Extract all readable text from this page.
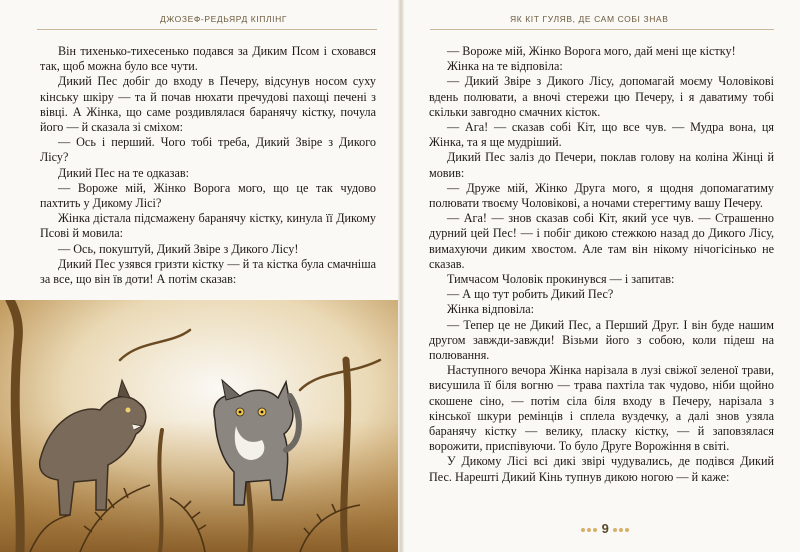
ДЖОЗЕФ-РЕДЬЯРД КІПЛІНГ

Він тихенько-тихесенько подався за Диким Псом і сховався так, щоб можна було все чути.

Дикий Пес добіг до входу в Печеру, відсунув носом суху кінську шкіру — та й почав нюхати пречудові пахощі печені з вівці. А Жінка, що саме роздивлялася баранячу кістку, почула його — й сказала зі сміхом:

— Ось і перший. Чого тобі треба, Дикий Звіре з Дикого Лісу?

Дикий Пес на те одказав:

— Вороже мій, Жінко Ворога мого, що це так чудово пахтить у Дикому Лісі?

Жінка дістала підсмажену баранячу кістку, кинула її Дикому Псові й мовила:

— Ось, покуштуй, Дикий Звіре з Дикого Лісу!

Дикий Пес узявся гризти кістку — й та кістка була смачніша за все, що він їв доти! А потім сказав:

ЯК КІТ ГУЛЯВ, ДЕ САМ СОБІ ЗНАВ

— Вороже мій, Жінко Ворога мого, дай мені ще кістку!

Жінка на те відповіла:

— Дикий Звіре з Дикого Лісу, допомагай моєму Чоловікові вдень полювати, а вночі стережи цю Печеру, і я даватиму тобі скільки завгодно смачних кісток.

— Ага! — сказав собі Кіт, що все чув. — Мудра вона, ця Жінка, та я ще мудріший.

Дикий Пес заліз до Печери, поклав голову на коліна Жінці й мовив:

— Друже мій, Жінко Друга мого, я щодня допомагатиму полювати твоєму Чоловікові, а ночами стерегтиму вашу Печеру.

— Ага! — знов сказав собі Кіт, який усе чув. — Страшенно дурний цей Пес! — і побіг дикою стежкою назад до Дикого Лісу, вимахуючи диким хвостом. Але там він нікому нічогісінько не сказав.

Тимчасом Чоловік прокинувся — і запитав:

— А що тут робить Дикий Пес?

Жінка відповіла:

— Тепер це не Дикий Пес, а Перший Друг. І він буде нашим другом завжди-завжди! Візьми його з собою, коли підеш на полювання.

Наступного вечора Жінка нарізала в лузі свіжої зеленої трави, висушила її біля вогню — трава пахтіла так чудово, ніби щойно скошене сіно, — потім сіла біля входу в Печеру, нарізала з кінської шкури ремінців і сплела вуздечку, а далі знов узяла баранячу кістку — велику, пласку кістку, — й заповзялася ворожити, приспівуючи. То було Друге Ворожіння в світі.

У Дикому Лісі всі дикі звірі чудувались, де подівся Дикий Пес. Нарешті Дикий Кінь тупнув дикою ногою — й каже:

9
